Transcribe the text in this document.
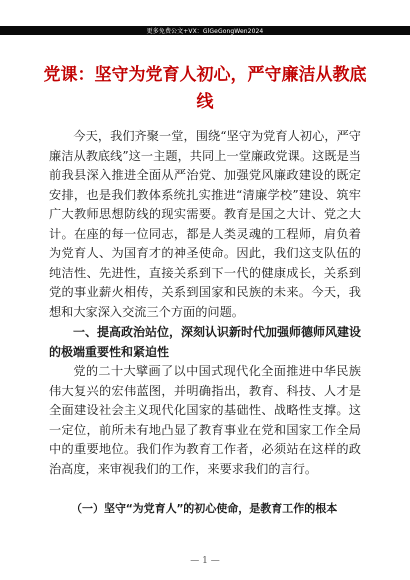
更多免费公文+VX：GlGeGongWen2024
党课：坚守为党育人初心，严守廉洁从教底线

今天，我们齐聚一堂，围绕“坚守为党育人初心，严守廉洁从教底线”这一主题，共同上一堂廉政党课。这既是当前我县深入推进全面从严治党、加强党风廉政建设的既定安排，也是我们教体系统扎实推进“清廉学校”建设、筑牢广大教师思想防线的现实需要。教育是国之大计、党之大计。在座的每一位同志，都是人类灵魂的工程师，肩负着为党育人、为国育才的神圣使命。因此，我们这支队伍的纯洁性、先进性，直接关系到下一代的健康成长，关系到党的事业薪火相传，关系到国家和民族的未来。今天，我想和大家深入交流三个方面的问题。

一、提高政治站位，深刻认识新时代加强师德师风建设的极端重要性和紧迫性

党的二十大擘画了以中国式现代化全面推进中华民族伟大复兴的宏伟蓝图，并明确指出，教育、科技、人才是全面建设社会主义现代化国家的基础性、战略性支撑。这一定位，前所未有地凸显了教育事业在党和国家工作全局中的重要地位。我们作为教育工作者，必须站在这样的政治高度，来审视我们的工作，来要求我们的言行。

（一）坚守“为党育人”的初心使命，是教育工作的根本
— 1 —
